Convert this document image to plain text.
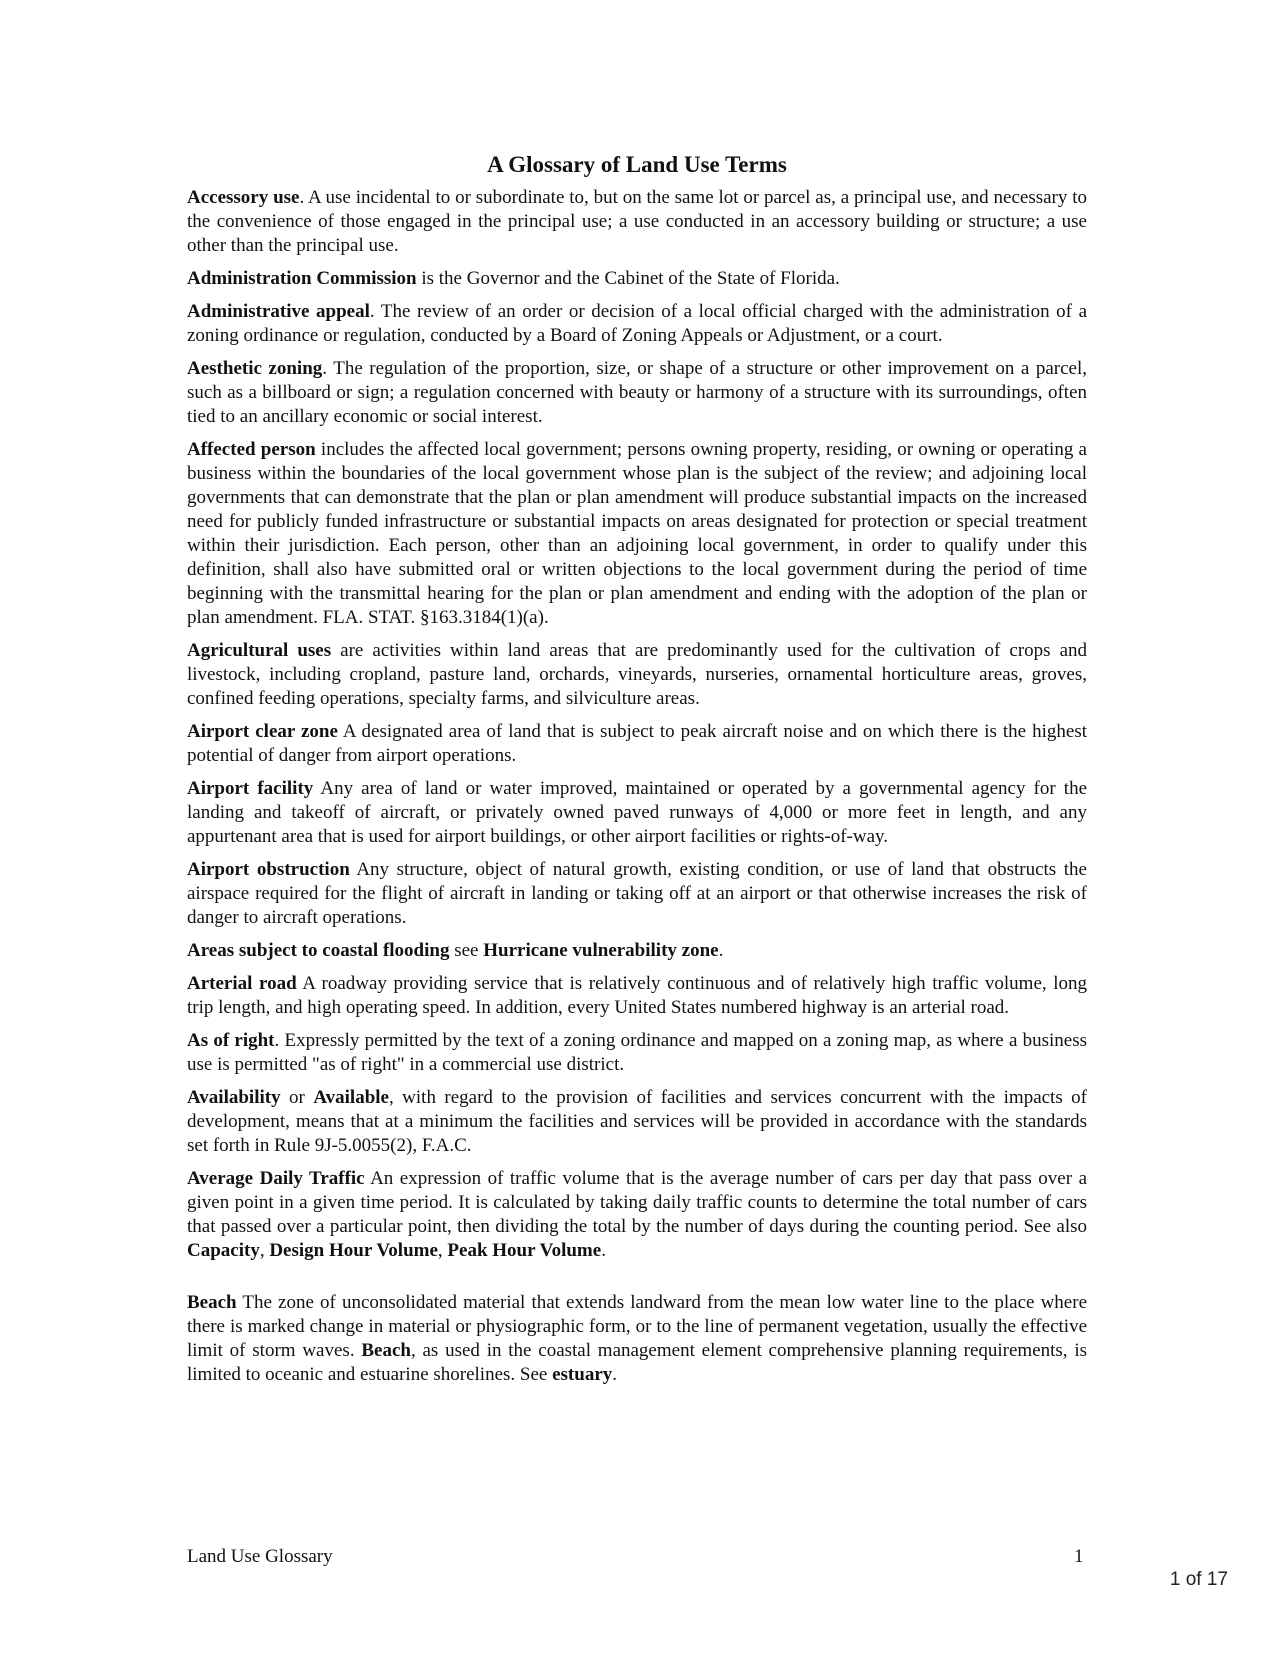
A Glossary of Land Use Terms

Accessory use. A use incidental to or subordinate to, but on the same lot or parcel as, a principal use, and necessary to the convenience of those engaged in the principal use; a use conducted in an accessory building or structure; a use other than the principal use.

Administration Commission is the Governor and the Cabinet of the State of Florida.

Administrative appeal. The review of an order or decision of a local official charged with the administration of a zoning ordinance or regulation, conducted by a Board of Zoning Appeals or Adjustment, or a court.

Aesthetic zoning. The regulation of the proportion, size, or shape of a structure or other improvement on a parcel, such as a billboard or sign; a regulation concerned with beauty or harmony of a structure with its surroundings, often tied to an ancillary economic or social interest.

Affected person includes the affected local government; persons owning property, residing, or owning or operating a business within the boundaries of the local government whose plan is the subject of the review; and adjoining local governments that can demonstrate that the plan or plan amendment will produce substantial impacts on the increased need for publicly funded infrastructure or substantial impacts on areas designated for protection or special treatment within their jurisdiction. Each person, other than an adjoining local government, in order to qualify under this definition, shall also have submitted oral or written objections to the local government during the period of time beginning with the transmittal hearing for the plan or plan amendment and ending with the adoption of the plan or plan amendment. FLA. STAT. §163.3184(1)(a).

Agricultural uses are activities within land areas that are predominantly used for the cultivation of crops and livestock, including cropland, pasture land, orchards, vineyards, nurseries, ornamental horticulture areas, groves, confined feeding operations, specialty farms, and silviculture areas.

Airport clear zone A designated area of land that is subject to peak aircraft noise and on which there is the highest potential of danger from airport operations.

Airport facility Any area of land or water improved, maintained or operated by a governmental agency for the landing and takeoff of aircraft, or privately owned paved runways of 4,000 or more feet in length, and any appurtenant area that is used for airport buildings, or other airport facilities or rights-of-way.

Airport obstruction Any structure, object of natural growth, existing condition, or use of land that obstructs the airspace required for the flight of aircraft in landing or taking off at an airport or that otherwise increases the risk of danger to aircraft operations.

Areas subject to coastal flooding see Hurricane vulnerability zone.

Arterial road A roadway providing service that is relatively continuous and of relatively high traffic volume, long trip length, and high operating speed. In addition, every United States numbered highway is an arterial road.

As of right. Expressly permitted by the text of a zoning ordinance and mapped on a zoning map, as where a business use is permitted "as of right" in a commercial use district.

Availability or Available, with regard to the provision of facilities and services concurrent with the impacts of development, means that at a minimum the facilities and services will be provided in accordance with the standards set forth in Rule 9J-5.0055(2), F.A.C.

Average Daily Traffic An expression of traffic volume that is the average number of cars per day that pass over a given point in a given time period. It is calculated by taking daily traffic counts to determine the total number of cars that passed over a particular point, then dividing the total by the number of days during the counting period. See also Capacity, Design Hour Volume, Peak Hour Volume.

Beach The zone of unconsolidated material that extends landward from the mean low water line to the place where there is marked change in material or physiographic form, or to the line of permanent vegetation, usually the effective limit of storm waves. Beach, as used in the coastal management element comprehensive planning requirements, is limited to oceanic and estuarine shorelines. See estuary.

Land Use Glossary	1
1 of 17
